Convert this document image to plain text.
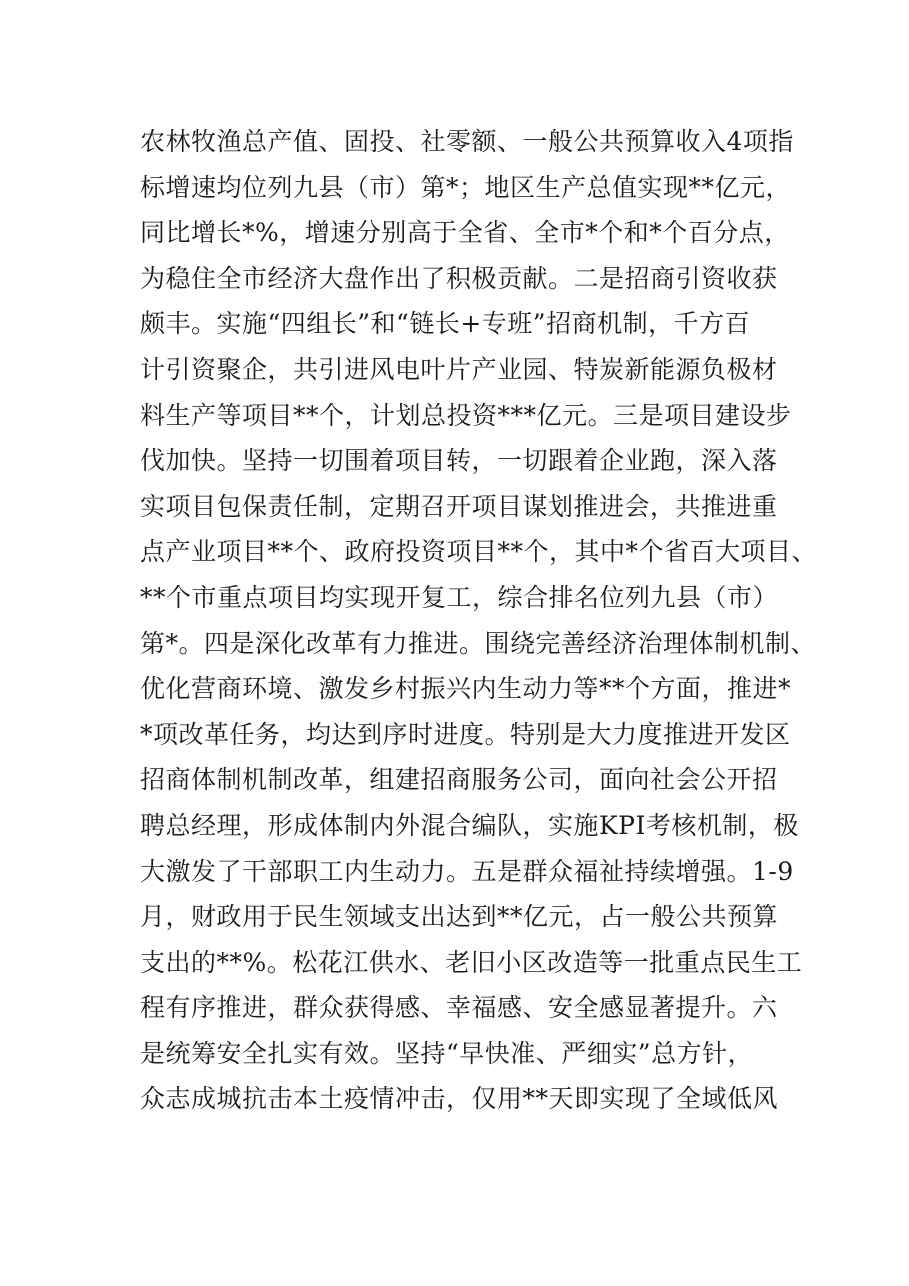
农林牧渔总产值、固投、社零额、一般公共预算收入4项指
标增速均位列九县（市）第*；地区生产总值实现**亿元，
同比增长*%，增速分别高于全省、全市*个和*个百分点，
为稳住全市经济大盘作出了积极贡献。二是招商引资收获
颇丰。实施“四组长”和“链长+专班”招商机制，千方百
计引资聚企，共引进风电叶片产业园、特炭新能源负极材
料生产等项目**个，计划总投资***亿元。三是项目建设步
伐加快。坚持一切围着项目转，一切跟着企业跑，深入落
实项目包保责任制，定期召开项目谋划推进会，共推进重
点产业项目**个、政府投资项目**个，其中*个省百大项目、
**个市重点项目均实现开复工，综合排名位列九县（市）
第*。四是深化改革有力推进。围绕完善经济治理体制机制、
优化营商环境、激发乡村振兴内生动力等**个方面，推进*
*项改革任务，均达到序时进度。特别是大力度推进开发区
招商体制机制改革，组建招商服务公司，面向社会公开招
聘总经理，形成体制内外混合编队，实施KPI考核机制，极
大激发了干部职工内生动力。五是群众福祉持续增强。1-9
月，财政用于民生领域支出达到**亿元，占一般公共预算
支出的**%。松花江供水、老旧小区改造等一批重点民生工
程有序推进，群众获得感、幸福感、安全感显著提升。六
是统筹安全扎实有效。坚持“早快准、严细实”总方针，
众志成城抗击本土疫情冲击，仅用**天即实现了全域低风
